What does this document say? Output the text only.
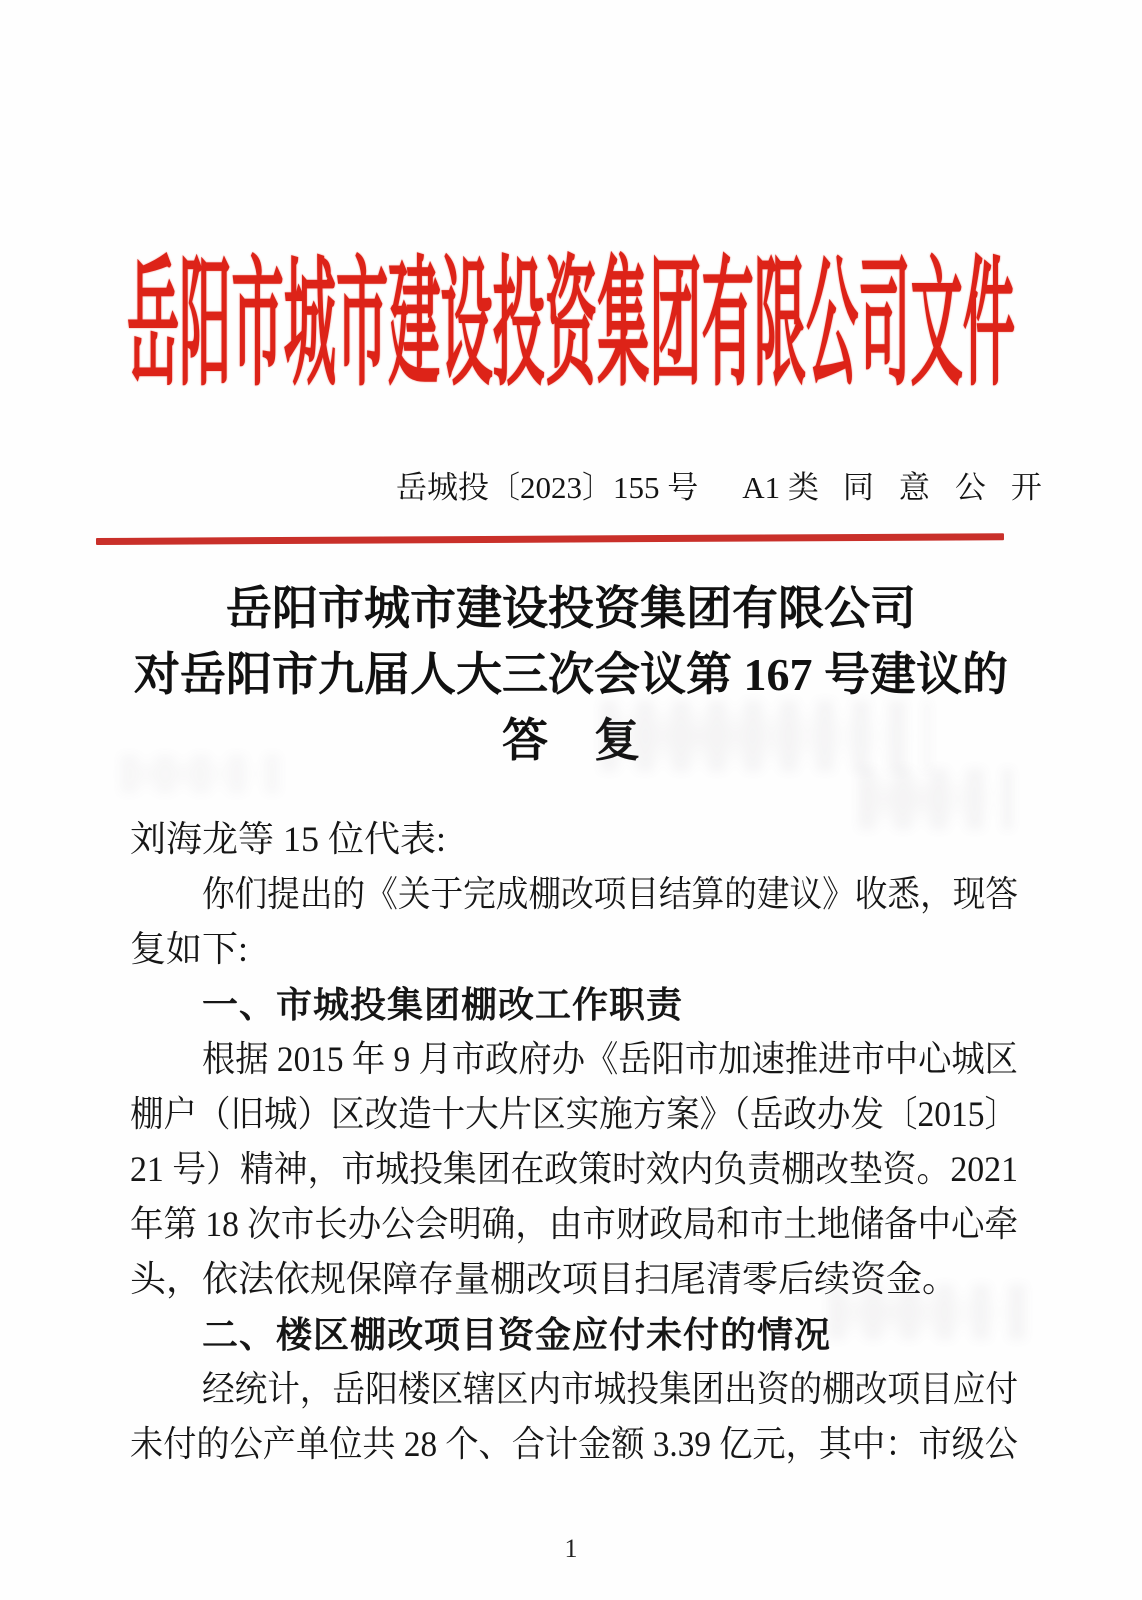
岳阳市城市建设投资集团有限公司文件
岳城投〔2023〕155 号 A1 类 同意公开
岳阳市城市建设投资集团有限公司
对岳阳市九届人大三次会议第 167 号建议的
答　复
刘海龙等 15 位代表:
你们提出的《关于完成棚改项目结算的建议》收悉，现答
复如下:
一、市城投集团棚改工作职责
根据 2015 年 9 月市政府办《岳阳市加速推进市中心城区
棚户（旧城）区改造十大片区实施方案》（岳政办发〔2015〕
21 号）精神，市城投集团在政策时效内负责棚改垫资。2021
年第 18 次市长办公会明确，由市财政局和市土地储备中心牵
头，依法依规保障存量棚改项目扫尾清零后续资金。
二、楼区棚改项目资金应付未付的情况
经统计，岳阳楼区辖区内市城投集团出资的棚改项目应付
未付的公产单位共 28 个、合计金额 3.39 亿元，其中：市级公
1
